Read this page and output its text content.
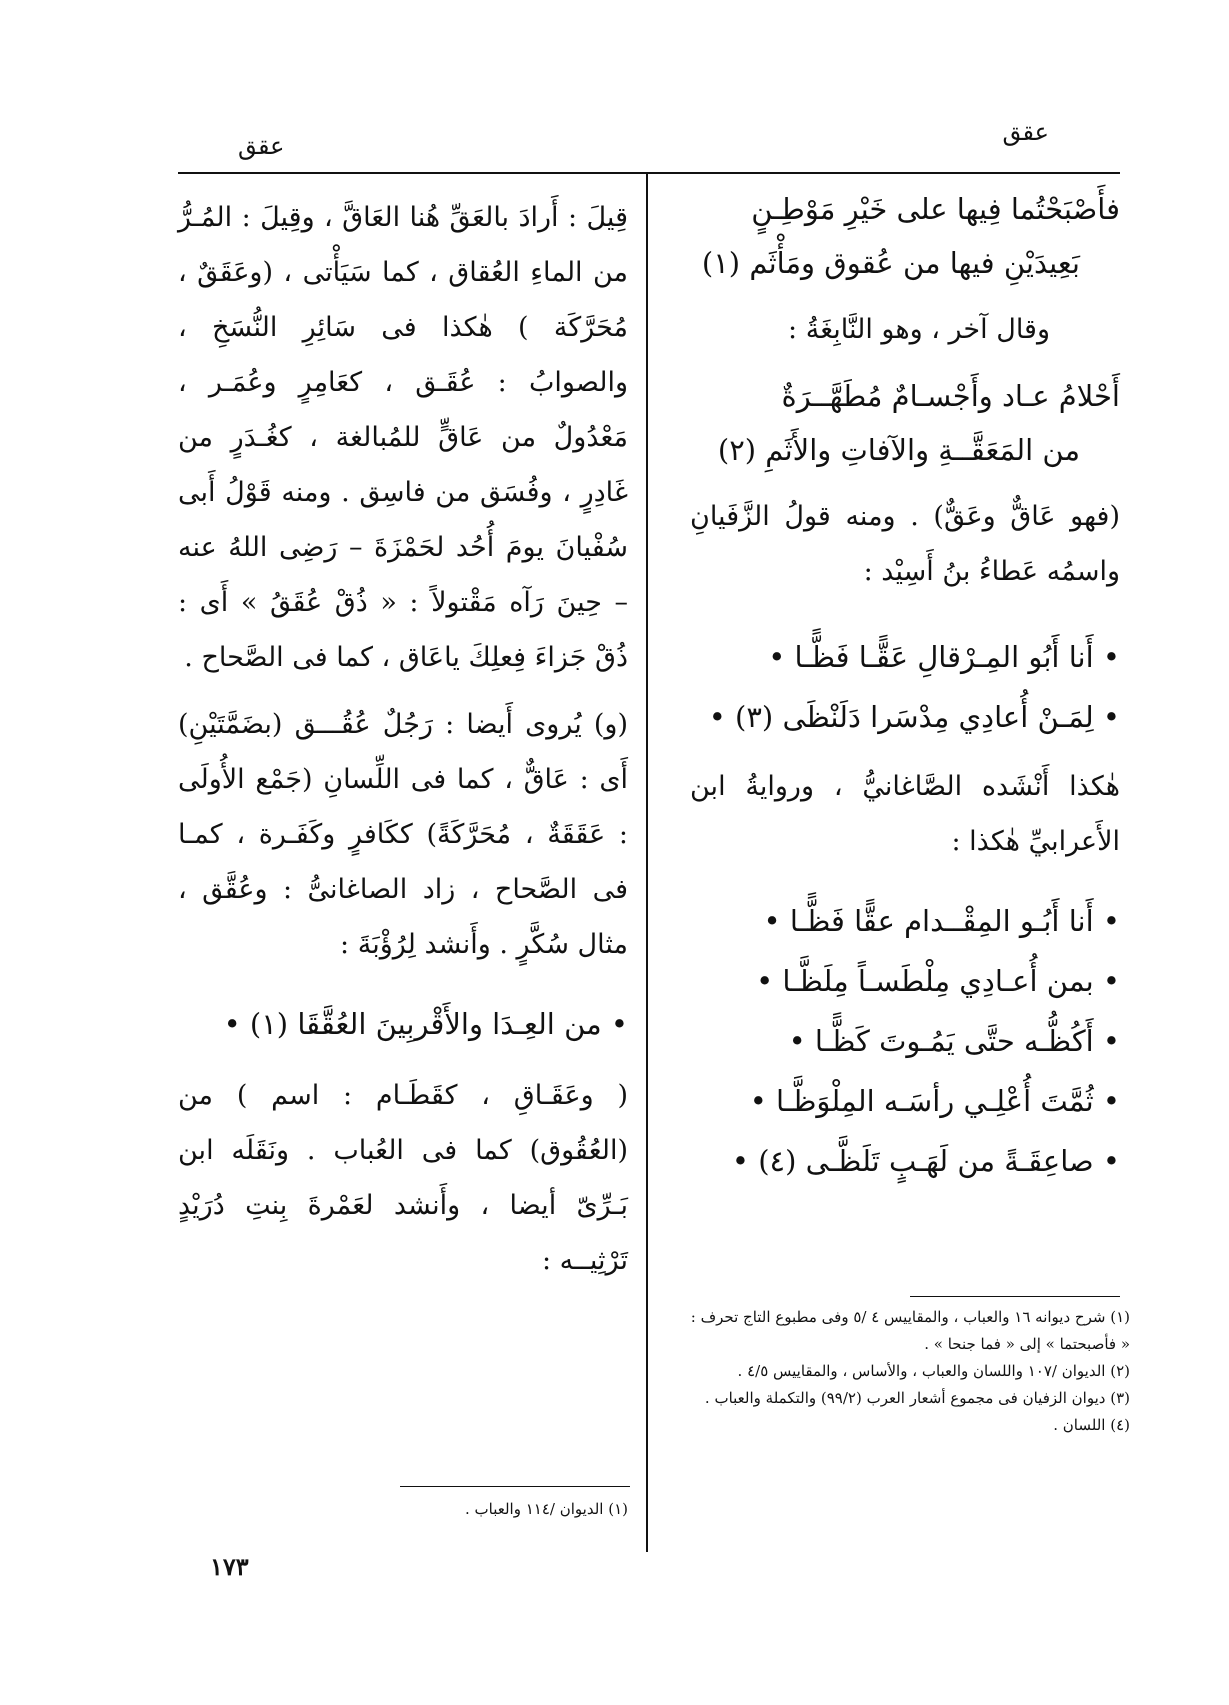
عقق
عقق

فأَصْبَحْتُما فِيها على خَيْرِ مَوْطِـنٍ

بَعِيدَيْنِ فيها من عُقوق ومَأْثَم (١)

وقال آخر ، وهو النَّابِغَةُ :

أَحْلامُ عـاد وأَجْسـامٌ مُطَهَّــرَةٌ

من المَعَقَّــةِ والآفاتِ والأَثَمِ (٢)

(فهو عَاقٌّ وعَقٌّ) . ومنه قولُ الزَّفَيانِ واسمُه عَطاءُ بنُ أَسِيْد :

• أَنا أَبُو المِـرْقالِ عَقًّـا فَظًّـا •

• لِمَـنْ أُعادِي مِدْسَرا دَلَنْظَى (٣) •

هٰكذا أَنْشَده الصَّاغانيُّ ، وروايةُ ابن الأَعرابيِّ هٰكذا :

• أَنا أَبُـو المِقْــدام عقًّا فَظًّـا •

• بمن أُعـادِي مِلْطَسـاً مِلَظَّـا •

• أَكُظُّـه حتَّى يَمُـوتَ كَظًّـا •

• ثُمَّتَ أُعْلِـي رأسَـه المِلْوَظَّـا •

• صاعِقَـةً من لَهَـبٍ تَلَظَّـى (٤) •

(١) شرح ديوانه ١٦ والعباب ، والمقاييس ٤ /٥ وفى مطبوع التاج تحرف : « فأصبحتما » إلى « فما جنحا » .

(٢) الديوان /١٠٧ واللسان والعباب ، والأساس ، والمقاييس ٤/٥ .

(٣) ديوان الزفيان فى مجموع أشعار العرب (٩٩/٢) والتكملة والعباب .

(٤) اللسان .

قِيلَ : أَرادَ بالعَقِّ هُنا العَاقَّ ، وقِيلَ : المُـرُّ من الماءِ العُقاق ، كما سَيَأْتى ، (وعَقَقٌ ، مُحَرَّكَة ) هٰكذا فى سَائِرِ النُّسَخِ ، والصوابُ : عُقَـق ، كعَامِرٍ وعُمَـر ، مَعْدُولٌ من عَاقٍّ للمُبالغة ، كغُـدَرٍ من غَادِرٍ ، وفُسَق من فاسِق . ومنه قَوْلُ أَبى سُفْيانَ يومَ أُحُد لحَمْزَةَ – رَضِى اللهُ عنه – حِينَ رَآه مَقْتولاً : « ذُقْ عُقَقُ » أَى : ذُقْ جَزاءَ فِعلِكَ ياعَاق ، كما فى الصَّحاح .

(و) يُروى أَيضا : رَجُلٌ عُقُـــق (بضَمَّتَيْنِ) أَى : عَاقٌّ ، كما فى اللِّسانِ (جَمْع الأُولَى : عَقَقَةٌ ، مُحَرَّكَةً) ككَافرٍ وكَفَـرة ، كمـا فى الصَّحاح ، زاد الصاغانىُّ : وعُقَّق ، مثال سُكَّرٍ . وأَنشد لِرُؤْبَةَ :

• من العِـدَا والأَقْربِينَ العُقَّقَا (١) •

( وعَقَـاقِ ، كقَطَـام : اسم ) من (العُقُوق) كما فى العُباب . ونَقَلَه ابن بَـرِّىّ أيضا ، وأَنشد لعَمْرةَ بِنتِ دُرَيْدٍ تَرْثِيــه :

(١) الديوان /١١٤ والعباب .

١٧٣
